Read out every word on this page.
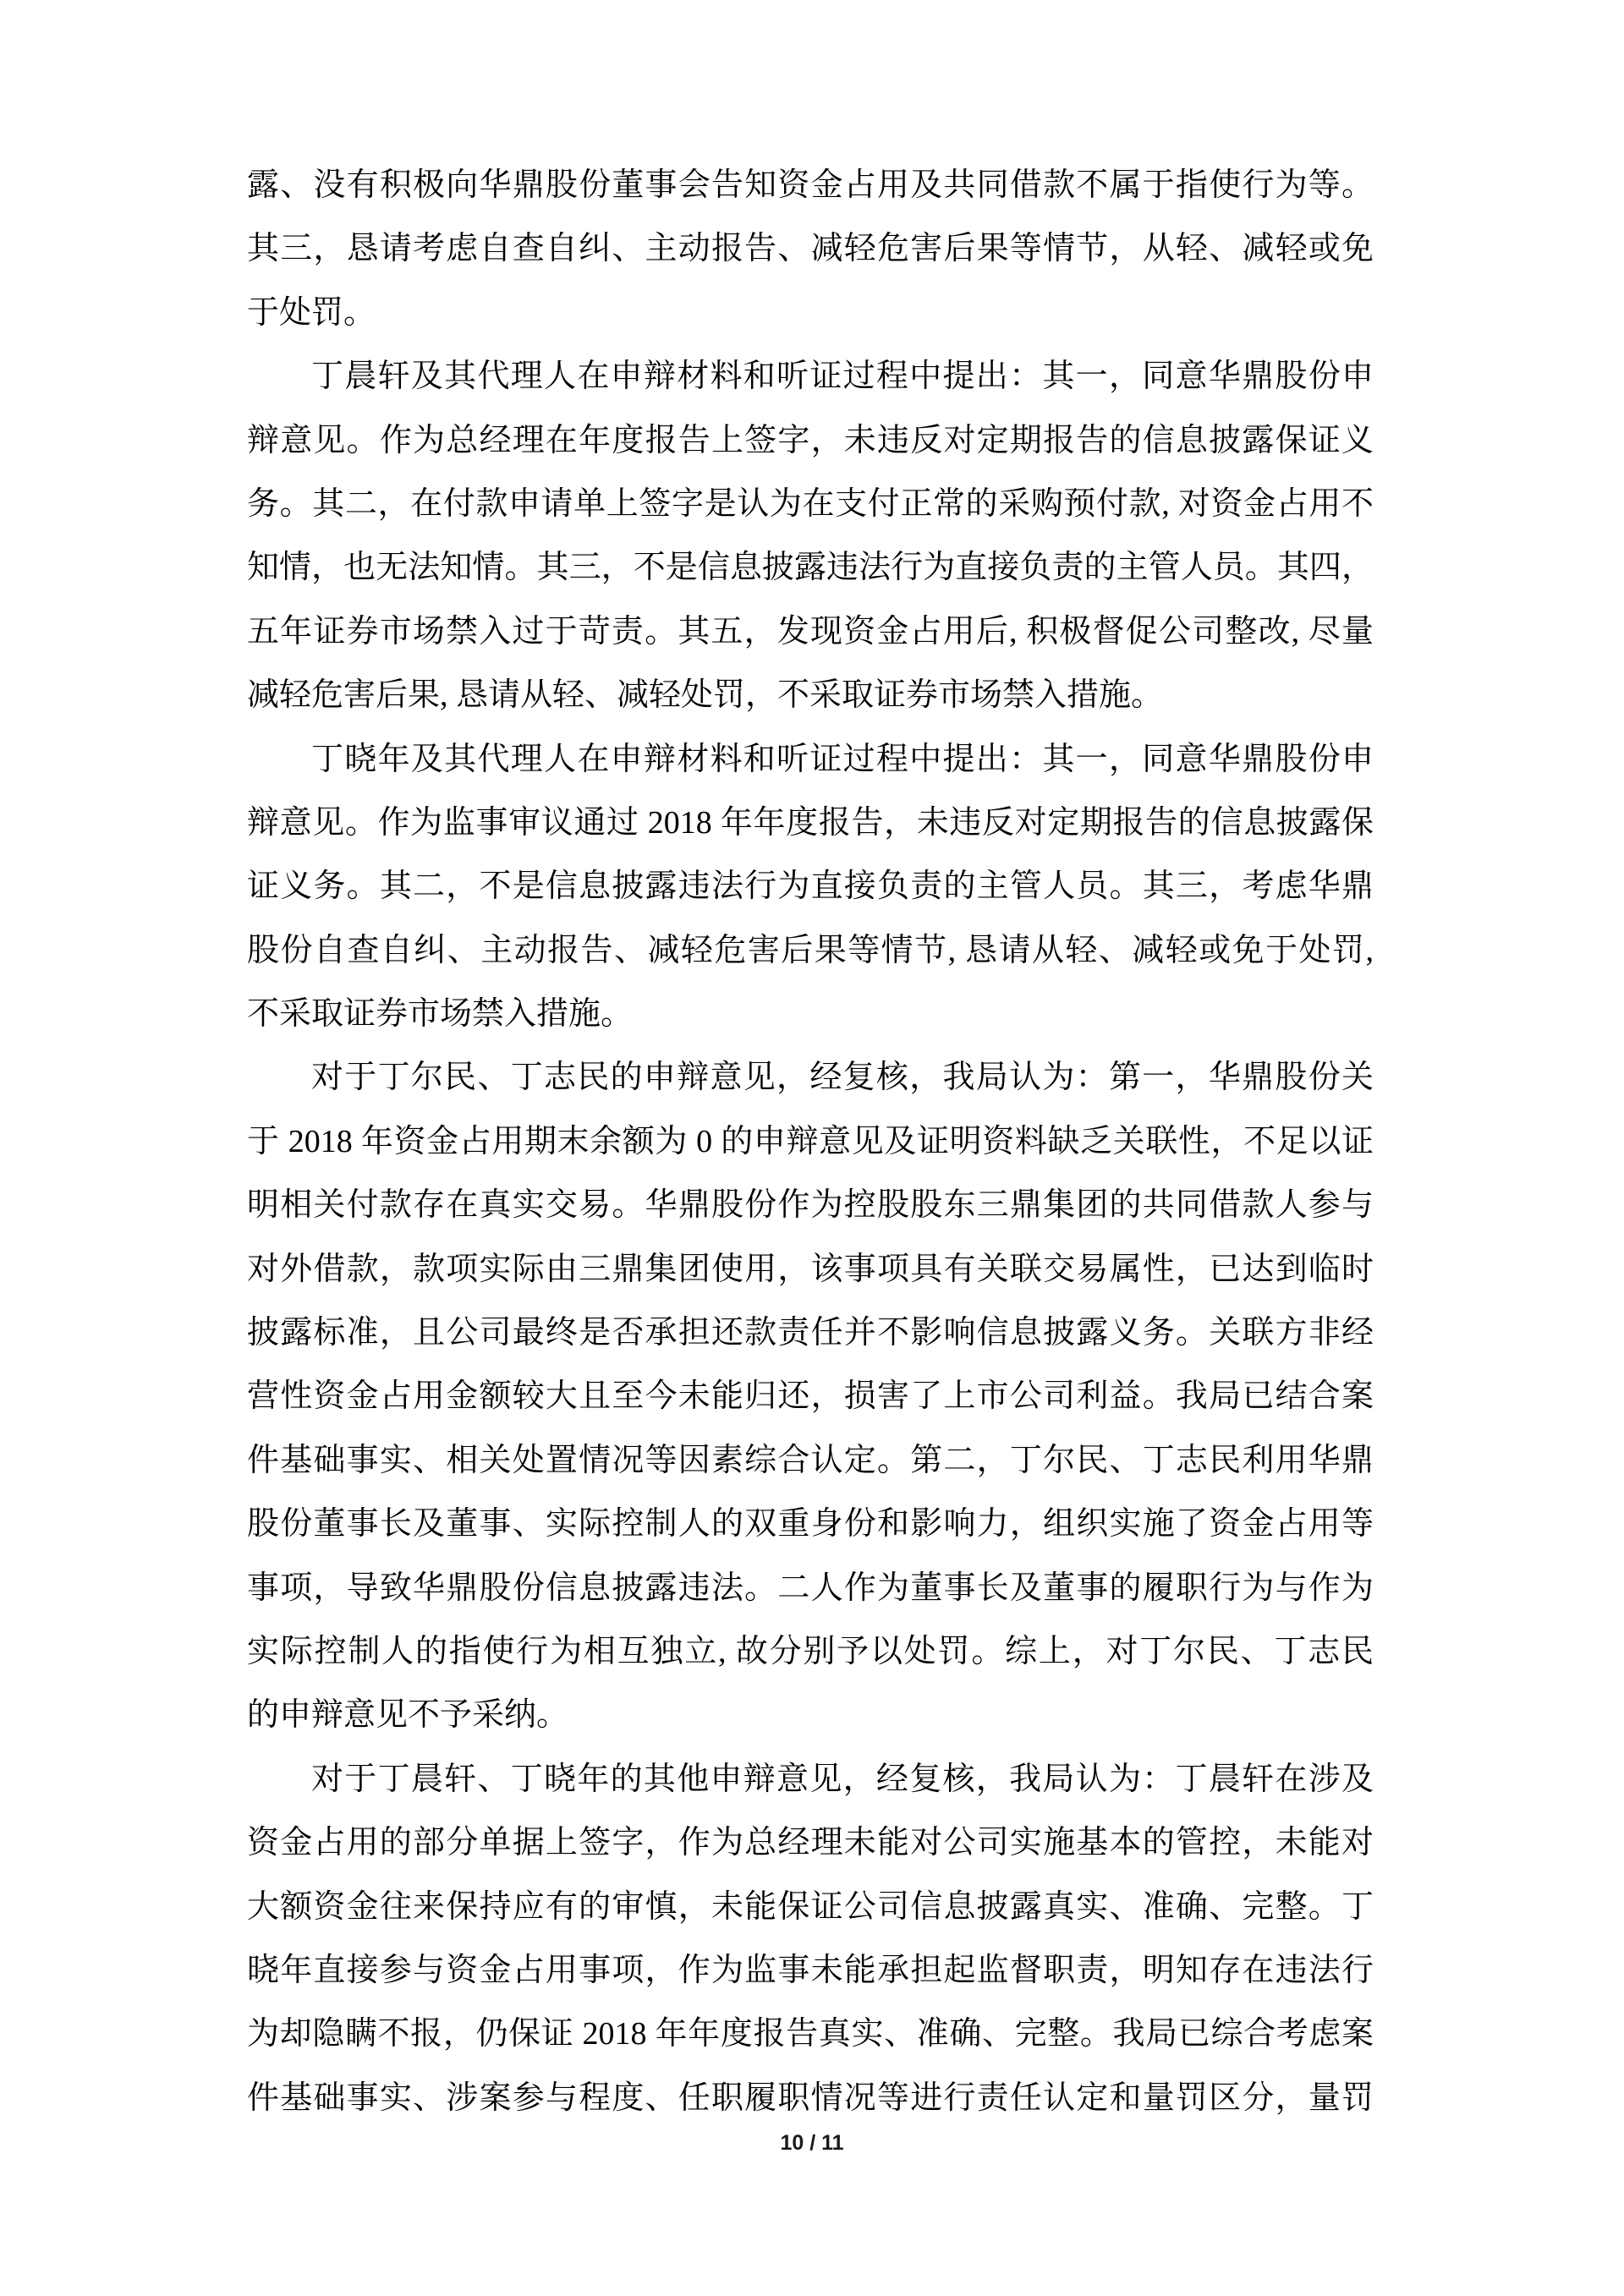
露、没有积极向华鼎股份董事会告知资金占用及共同借款不属于指使行为等。
其三，恳请考虑自查自纠、主动报告、减轻危害后果等情节，从轻、减轻或免
于处罚。
丁晨轩及其代理人在申辩材料和听证过程中提出：其一，同意华鼎股份申
辩意见。作为总经理在年度报告上签字，未违反对定期报告的信息披露保证义
务。其二，在付款申请单上签字是认为在支付正常的采购预付款, 对资金占用不
知情，也无法知情。其三，不是信息披露违法行为直接负责的主管人员。其四，
五年证券市场禁入过于苛责。其五，发现资金占用后, 积极督促公司整改, 尽量
减轻危害后果, 恳请从轻、减轻处罚，不采取证券市场禁入措施。
丁晓年及其代理人在申辩材料和听证过程中提出：其一，同意华鼎股份申
辩意见。作为监事审议通过 2018 年年度报告，未违反对定期报告的信息披露保
证义务。其二，不是信息披露违法行为直接负责的主管人员。其三，考虑华鼎
股份自查自纠、主动报告、减轻危害后果等情节, 恳请从轻、减轻或免于处罚,
不采取证券市场禁入措施。
对于丁尔民、丁志民的申辩意见，经复核，我局认为：第一，华鼎股份关
于 2018 年资金占用期末余额为 0 的申辩意见及证明资料缺乏关联性，不足以证
明相关付款存在真实交易。华鼎股份作为控股股东三鼎集团的共同借款人参与
对外借款，款项实际由三鼎集团使用，该事项具有关联交易属性，已达到临时
披露标准，且公司最终是否承担还款责任并不影响信息披露义务。关联方非经
营性资金占用金额较大且至今未能归还，损害了上市公司利益。我局已结合案
件基础事实、相关处置情况等因素综合认定。第二，丁尔民、丁志民利用华鼎
股份董事长及董事、实际控制人的双重身份和影响力，组织实施了资金占用等
事项，导致华鼎股份信息披露违法。二人作为董事长及董事的履职行为与作为
实际控制人的指使行为相互独立, 故分别予以处罚。综上，对丁尔民、丁志民
的申辩意见不予采纳。
对于丁晨轩、丁晓年的其他申辩意见，经复核，我局认为：丁晨轩在涉及
资金占用的部分单据上签字，作为总经理未能对公司实施基本的管控，未能对
大额资金往来保持应有的审慎，未能保证公司信息披露真实、准确、完整。丁
晓年直接参与资金占用事项，作为监事未能承担起监督职责，明知存在违法行
为却隐瞒不报，仍保证 2018 年年度报告真实、准确、完整。我局已综合考虑案
件基础事实、涉案参与程度、任职履职情况等进行责任认定和量罚区分，量罚
10 / 11
